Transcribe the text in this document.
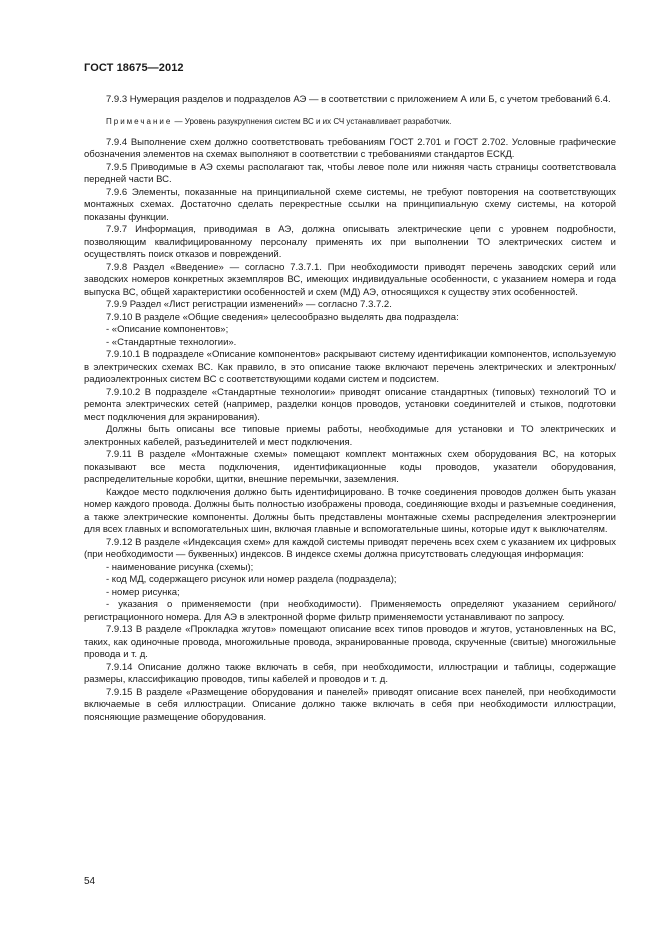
ГОСТ 18675—2012

7.9.3 Нумерация разделов и подразделов АЭ — в соответствии с приложением А или Б, с учетом требований 6.4.

Примечание — Уровень разукрупнения систем ВС и их СЧ устанавливает разработчик.

7.9.4 Выполнение схем должно соответствовать требованиям ГОСТ 2.701 и ГОСТ 2.702. Условные графические обозначения элементов на схемах выполняют в соответствии с требованиями стандартов ЕСКД.

7.9.5 Приводимые в АЭ схемы располагают так, чтобы левое поле или нижняя часть страницы соответствовала передней части ВС.

7.9.6 Элементы, показанные на принципиальной схеме системы, не требуют повторения на соответствующих монтажных схемах. Достаточно сделать перекрестные ссылки на принципиальную схему системы, на которой показаны функции.

7.9.7 Информация, приводимая в АЭ, должна описывать электрические цепи с уровнем подробности, позволяющим квалифицированному персоналу применять их при выполнении ТО электрических систем и осуществлять поиск отказов и повреждений.

7.9.8 Раздел «Введение» — согласно 7.3.7.1. При необходимости приводят перечень заводских серий или заводских номеров конкретных экземпляров ВС, имеющих индивидуальные особенности, с указанием номера и года выпуска ВС, общей характеристики особенностей и схем (МД) АЭ, относящихся к существу этих особенностей.

7.9.9 Раздел «Лист регистрации изменений» — согласно 7.3.7.2.

7.9.10 В разделе «Общие сведения» целесообразно выделять два подраздела:

- «Описание компонентов»;

- «Стандартные технологии».

7.9.10.1 В подразделе «Описание компонентов» раскрывают систему идентификации компонентов, используемую в электрических схемах ВС. Как правило, в это описание также включают перечень электрических и электронных/радиоэлектронных систем ВС с соответствующими кодами систем и подсистем.

7.9.10.2 В подразделе «Стандартные технологии» приводят описание стандартных (типовых) технологий ТО и ремонта электрических сетей (например, разделки концов проводов, установки соединителей и стыков, подготовки мест подключения для экранирования).

Должны быть описаны все типовые приемы работы, необходимые для установки и ТО электрических и электронных кабелей, разъединителей и мест подключения.

7.9.11 В разделе «Монтажные схемы» помещают комплект монтажных схем оборудования ВС, на которых показывают все места подключения, идентификационные коды проводов, указатели оборудования, распределительные коробки, щитки, внешние перемычки, заземления.

Каждое место подключения должно быть идентифицировано. В точке соединения проводов должен быть указан номер каждого провода. Должны быть полностью изображены провода, соединяющие входы и разъемные соединения, а также электрические компоненты. Должны быть представлены монтажные схемы распределения электроэнергии для всех главных и вспомогательных шин, включая главные и вспомогательные шины, которые идут к выключателям.

7.9.12 В разделе «Индексация схем» для каждой системы приводят перечень всех схем с указанием их цифровых (при необходимости — буквенных) индексов. В индексе схемы должна присутствовать следующая информация:

- наименование рисунка (схемы);

- код МД, содержащего рисунок или номер раздела (подраздела);

- номер рисунка;

- указания о применяемости (при необходимости). Применяемость определяют указанием серийного/регистрационного номера. Для АЭ в электронной форме фильтр применяемости устанавливают по запросу.

7.9.13 В разделе «Прокладка жгутов» помещают описание всех типов проводов и жгутов, установленных на ВС, таких, как одиночные провода, многожильные провода, экранированные провода, скрученные (свитые) многожильные провода и т. д.

7.9.14 Описание должно также включать в себя, при необходимости, иллюстрации и таблицы, содержащие размеры, классификацию проводов, типы кабелей и проводов и т. д.

7.9.15 В разделе «Размещение оборудования и панелей» приводят описание всех панелей, при необходимости включаемые в себя иллюстрации. Описание должно также включать в себя при необходимости иллюстрации, поясняющие размещение оборудования.

54
